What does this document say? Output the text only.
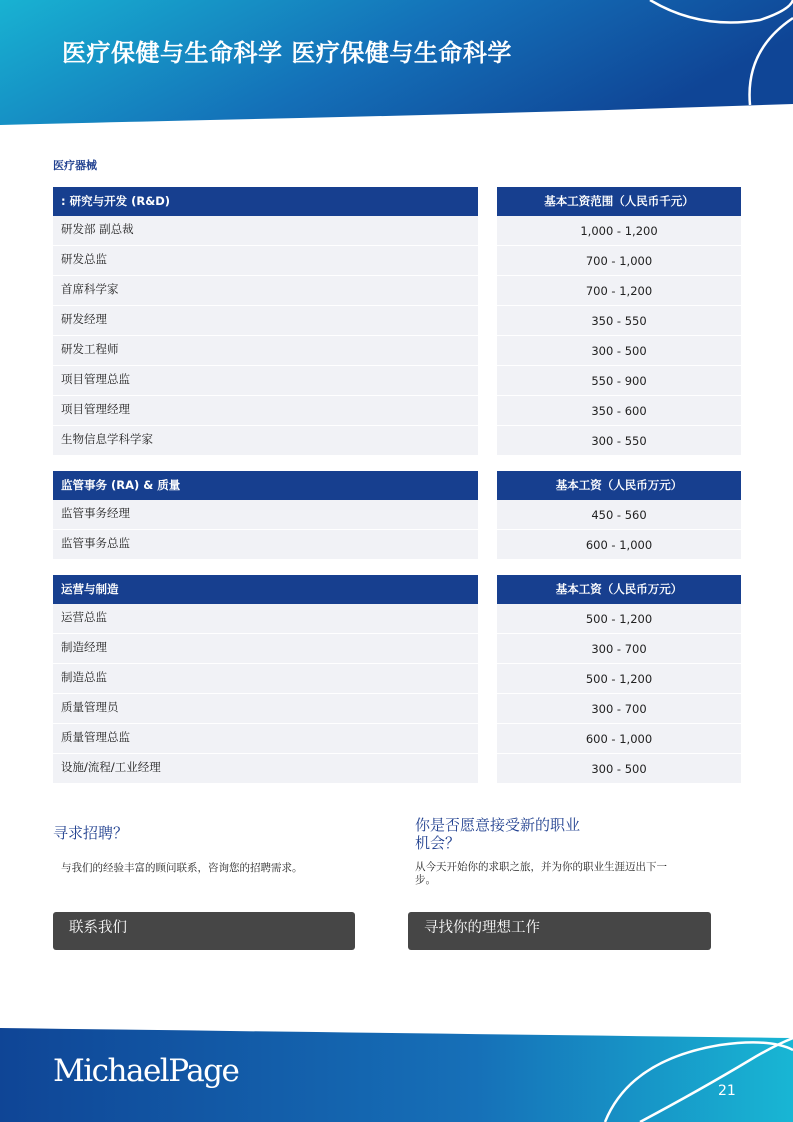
医疗保健与生命科学 医疗保健与生命科学
医疗器械
: 研究与开发 (R&D)	基本工资范围（人民币千元）
研发部 副总裁	1,000 - 1,200
研发总监	700 - 1,000
首席科学家	700 - 1,200
研发经理	350 - 550
研发工程师	300 - 500
项目管理总监	550 - 900
项目管理经理	350 - 600
生物信息学科学家	300 - 550
监管事务 (RA) & 质量	基本工资（人民币万元）
监管事务经理	450 - 560
监管事务总监	600 - 1,000
运营与制造	基本工资（人民币万元）
运营总监	500 - 1,200
制造经理	300 - 700
制造总监	500 - 1,200
质量管理员	300 - 700
质量管理总监	600 - 1,000
设施/流程/工业经理	300 - 500
寻求招聘？
与我们的经验丰富的顾问联系，咨询您的招聘需求。
联系我们
你是否愿意接受新的职业
机会？
从今天开始你的求职之旅，并为你的职业生涯迈出下一
步。
寻找你的理想工作
MichaelPage
21
